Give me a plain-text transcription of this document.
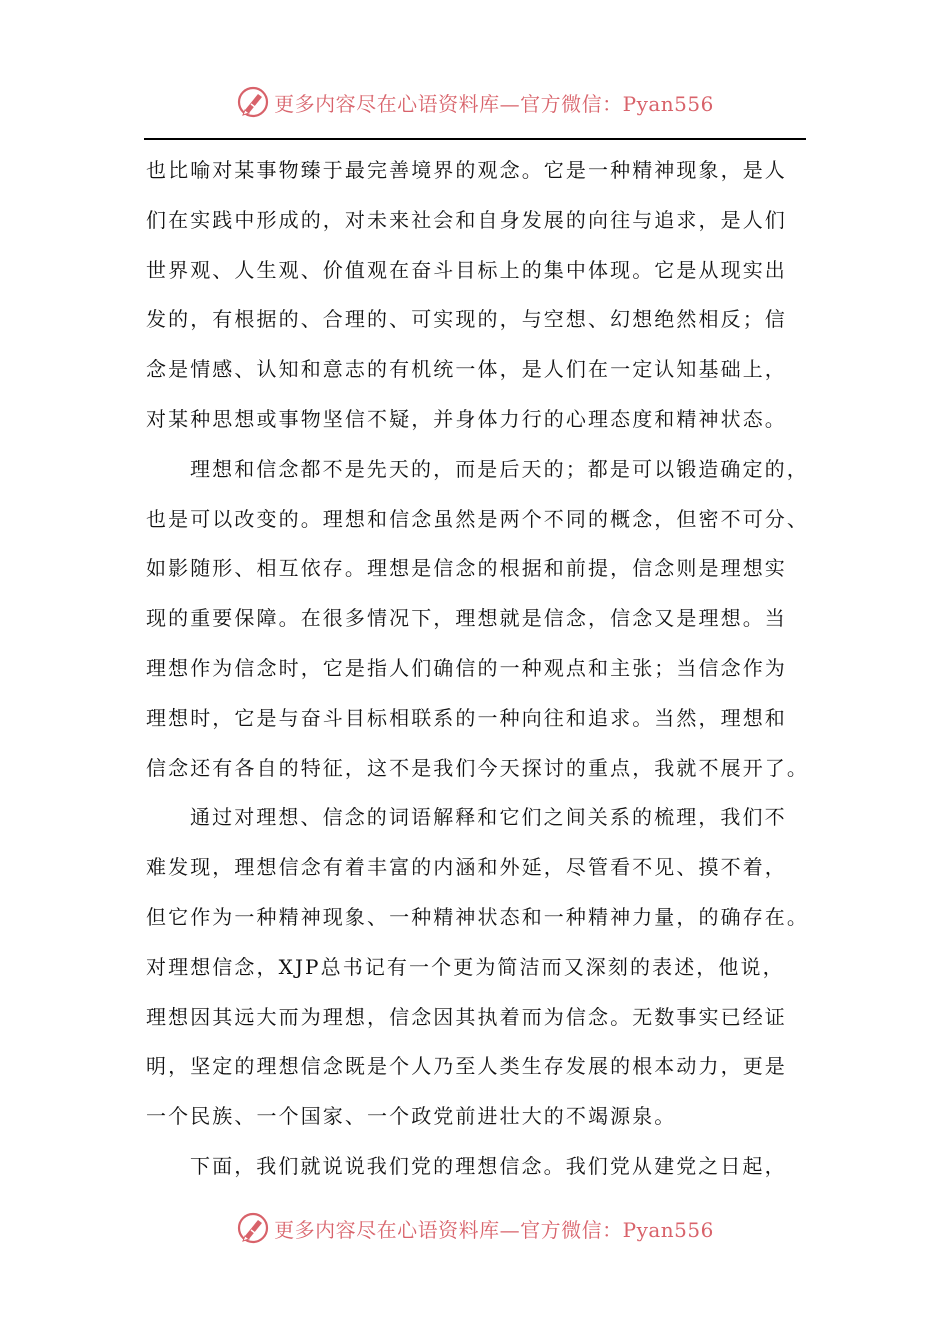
更多内容尽在心语资料库—官方微信：Pyan556
也比喻对某事物臻于最完善境界的观念。它是一种精神现象，是人
们在实践中形成的，对未来社会和自身发展的向往与追求，是人们
世界观、人生观、价值观在奋斗目标上的集中体现。它是从现实出
发的，有根据的、合理的、可实现的，与空想、幻想绝然相反；信
念是情感、认知和意志的有机统一体，是人们在一定认知基础上，
对某种思想或事物坚信不疑，并身体力行的心理态度和精神状态。
理想和信念都不是先天的，而是后天的；都是可以锻造确定的，
也是可以改变的。理想和信念虽然是两个不同的概念，但密不可分、
如影随形、相互依存。理想是信念的根据和前提，信念则是理想实
现的重要保障。在很多情况下，理想就是信念，信念又是理想。当
理想作为信念时，它是指人们确信的一种观点和主张；当信念作为
理想时，它是与奋斗目标相联系的一种向往和追求。当然，理想和
信念还有各自的特征，这不是我们今天探讨的重点，我就不展开了。
通过对理想、信念的词语解释和它们之间关系的梳理，我们不
难发现，理想信念有着丰富的内涵和外延，尽管看不见、摸不着，
但它作为一种精神现象、一种精神状态和一种精神力量，的确存在。
对理想信念，XJP总书记有一个更为简洁而又深刻的表述，他说，
理想因其远大而为理想，信念因其执着而为信念。无数事实已经证
明，坚定的理想信念既是个人乃至人类生存发展的根本动力，更是
一个民族、一个国家、一个政党前进壮大的不竭源泉。
下面，我们就说说我们党的理想信念。我们党从建党之日起，
更多内容尽在心语资料库—官方微信：Pyan556
